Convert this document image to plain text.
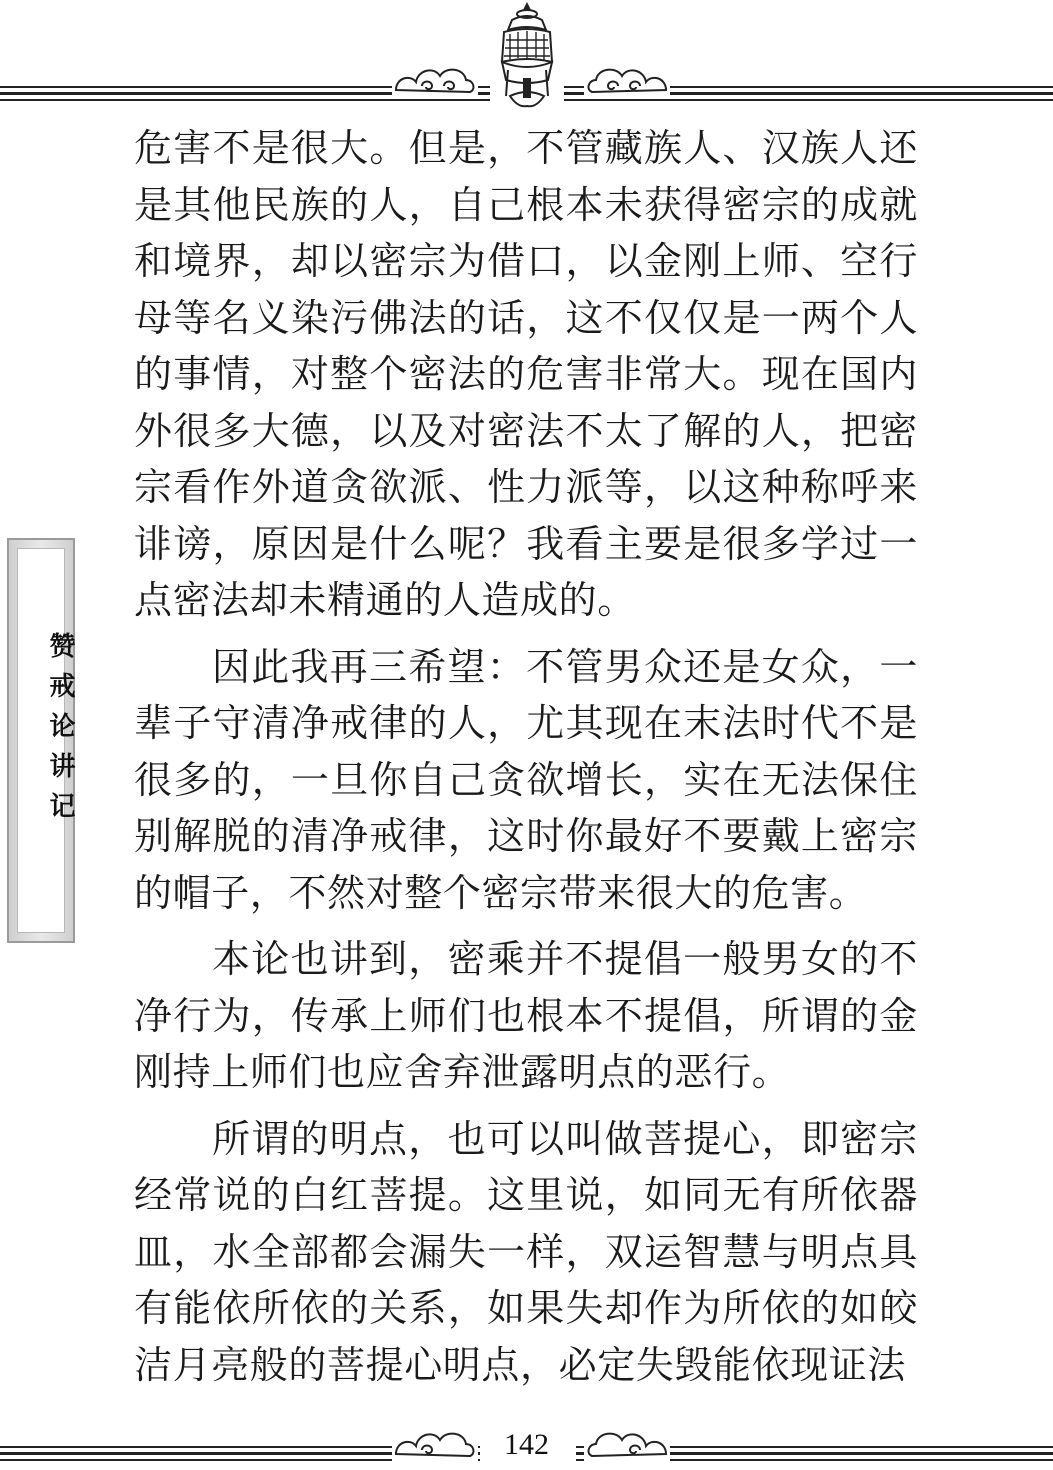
赞戒论讲记

危害不是很大。但是，不管藏族人、汉族人还是其他民族的人，自己根本未获得密宗的成就和境界，却以密宗为借口，以金刚上师、空行母等名义染污佛法的话，这不仅仅是一两个人的事情，对整个密法的危害非常大。现在国内外很多大德，以及对密法不太了解的人，把密宗看作外道贪欲派、性力派等，以这种称呼来诽谤，原因是什么呢？我看主要是很多学过一点密法却未精通的人造成的。

因此我再三希望：不管男众还是女众，一辈子守清净戒律的人，尤其现在末法时代不是很多的，一旦你自己贪欲增长，实在无法保住别解脱的清净戒律，这时你最好不要戴上密宗的帽子，不然对整个密宗带来很大的危害。

本论也讲到，密乘并不提倡一般男女的不净行为，传承上师们也根本不提倡，所谓的金刚持上师们也应舍弃泄露明点的恶行。

所谓的明点，也可以叫做菩提心，即密宗经常说的白红菩提。这里说，如同无有所依器皿，水全部都会漏失一样，双运智慧与明点具有能依所依的关系，如果失却作为所依的如皎洁月亮般的菩提心明点，必定失毁能依现证法

142
